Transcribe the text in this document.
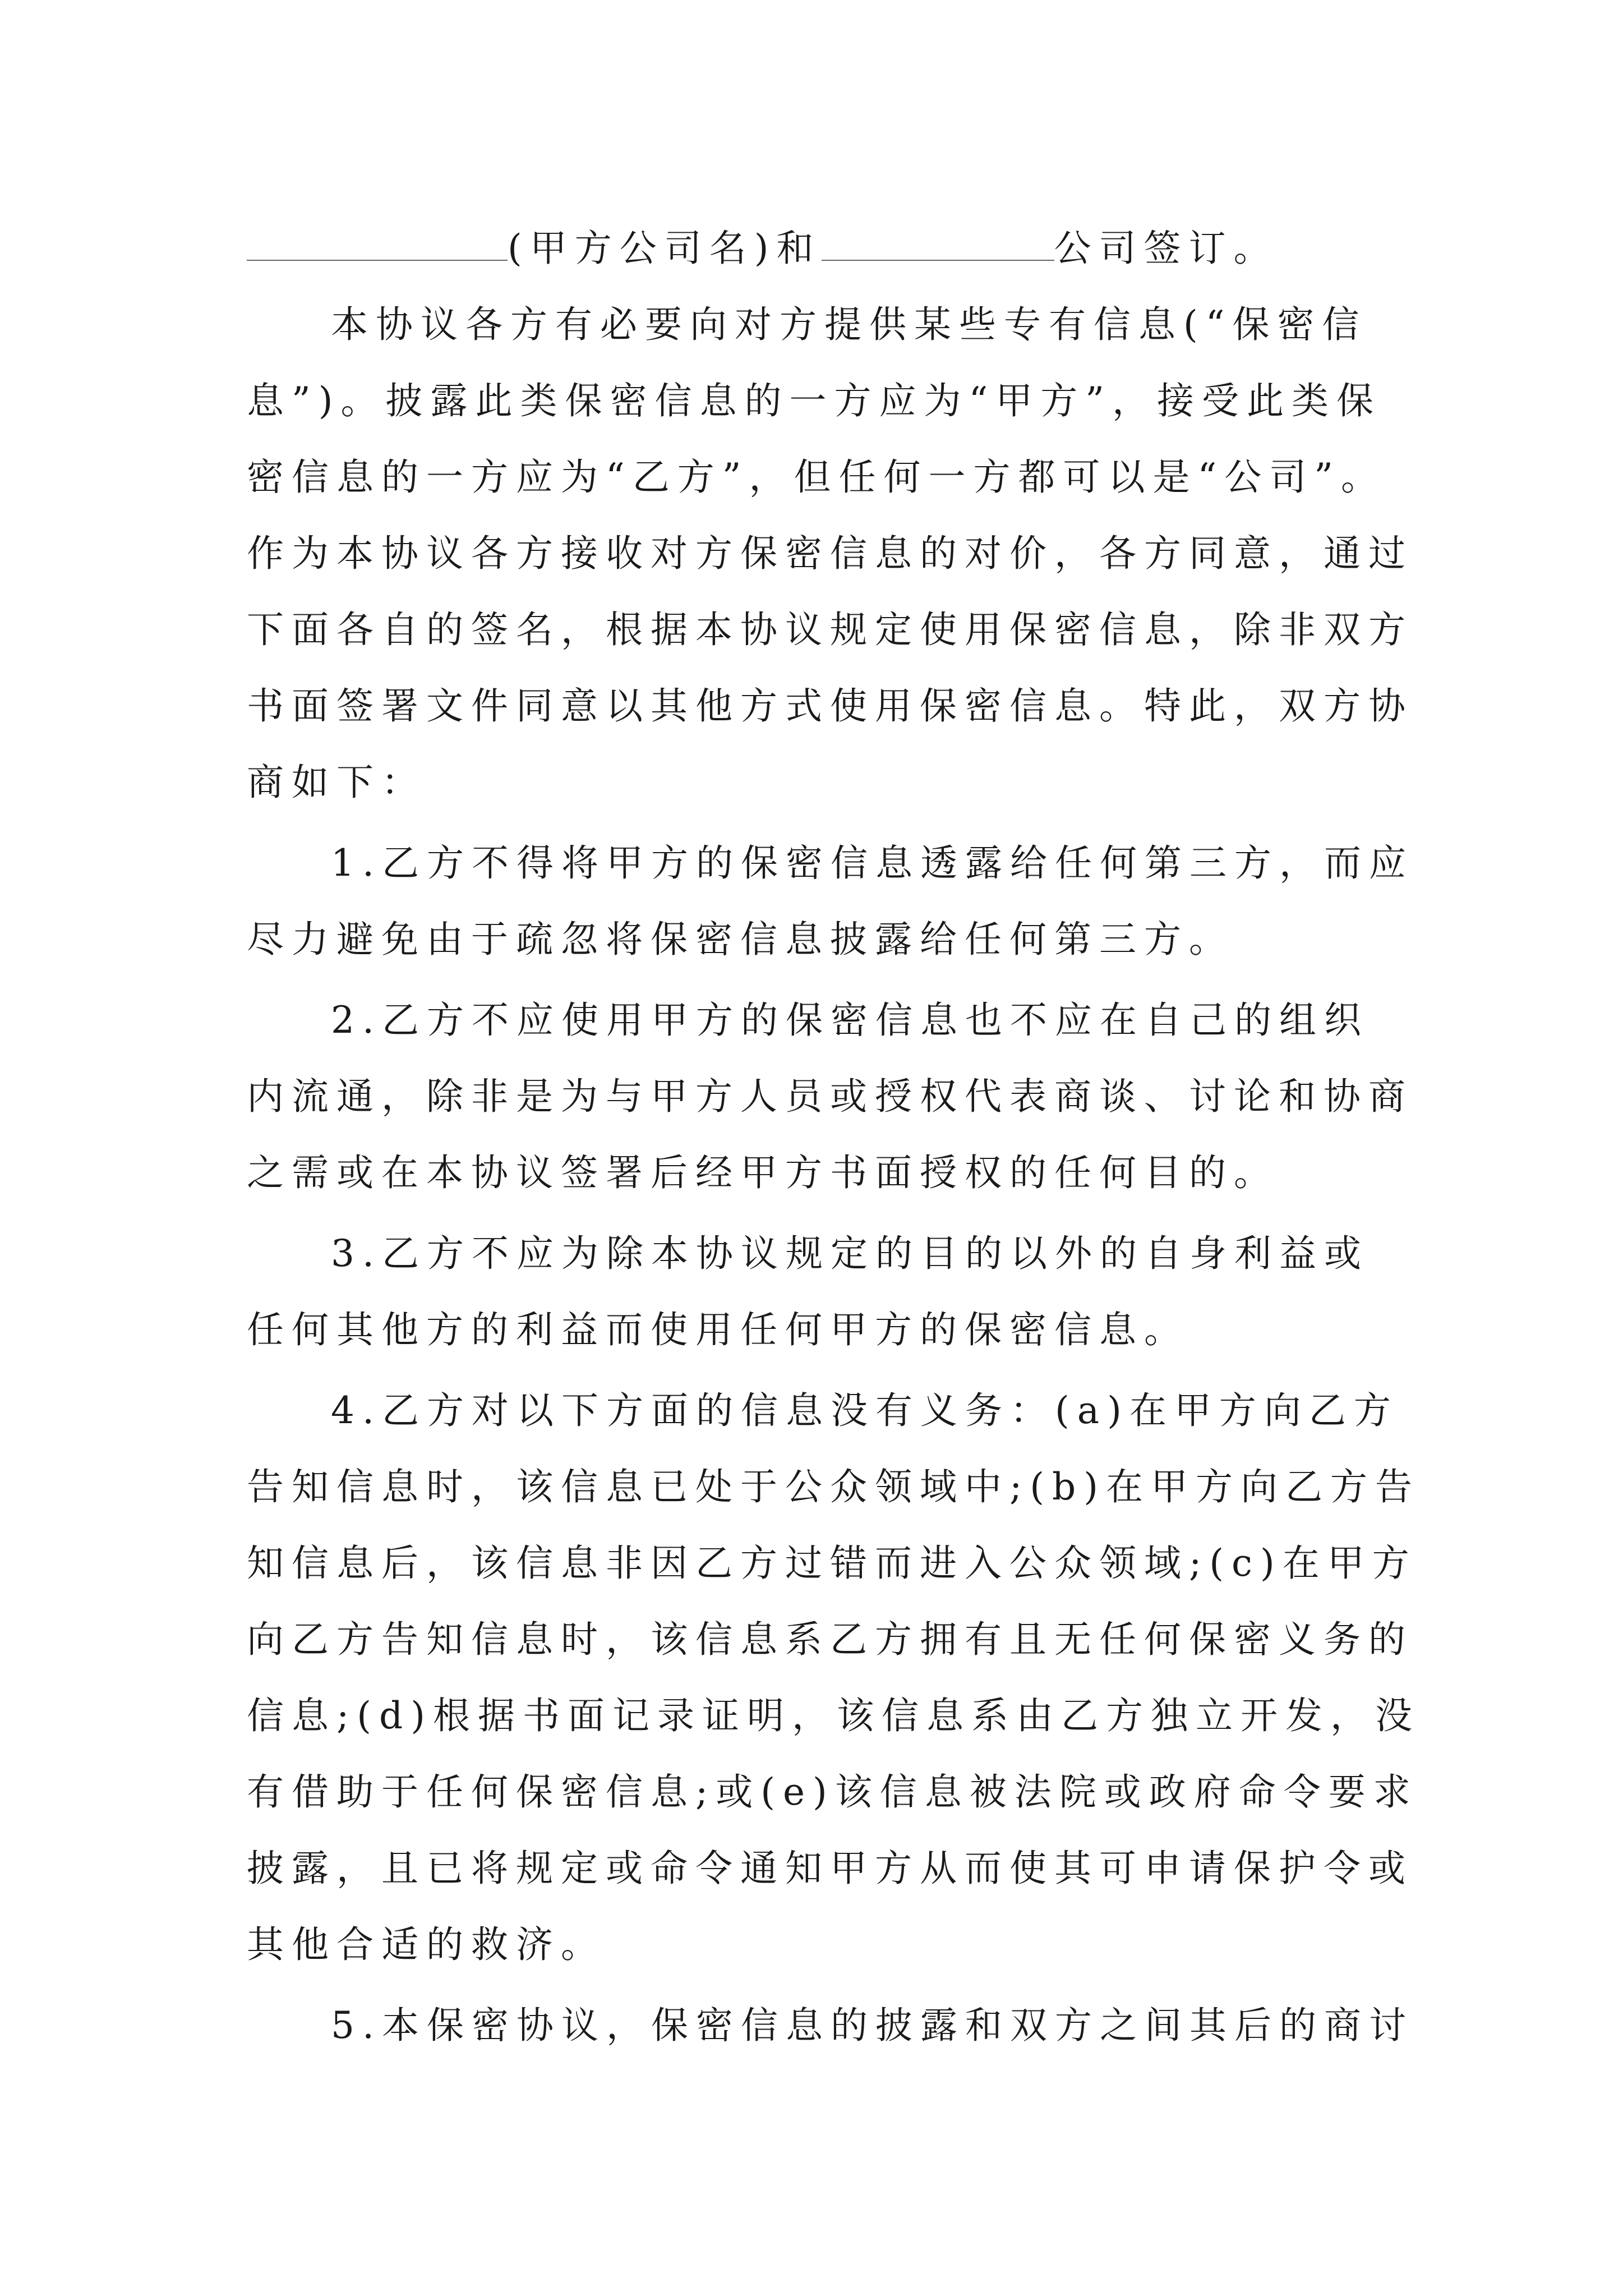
(甲方公司名)和	公司签订。
本协议各方有必要向对方提供某些专有信息(“保密信
息”)。披露此类保密信息的一方应为“甲方”，接受此类保
密信息的一方应为“乙方”，但任何一方都可以是“公司”。
作为本协议各方接收对方保密信息的对价，各方同意，通过
下面各自的签名，根据本协议规定使用保密信息，除非双方
书面签署文件同意以其他方式使用保密信息。特此，双方协
商如下：
1.乙方不得将甲方的保密信息透露给任何第三方，而应
尽力避免由于疏忽将保密信息披露给任何第三方。
2.乙方不应使用甲方的保密信息也不应在自己的组织
内流通，除非是为与甲方人员或授权代表商谈、讨论和协商
之需或在本协议签署后经甲方书面授权的任何目的。
3.乙方不应为除本协议规定的目的以外的自身利益或
任何其他方的利益而使用任何甲方的保密信息。
4.乙方对以下方面的信息没有义务：(a)在甲方向乙方
告知信息时，该信息已处于公众领域中;(b)在甲方向乙方告
知信息后，该信息非因乙方过错而进入公众领域;(c)在甲方
向乙方告知信息时，该信息系乙方拥有且无任何保密义务的
信息;(d)根据书面记录证明，该信息系由乙方独立开发，没
有借助于任何保密信息;或(e)该信息被法院或政府命令要求
披露，且已将规定或命令通知甲方从而使其可申请保护令或
其他合适的救济。
5.本保密协议，保密信息的披露和双方之间其后的商讨
